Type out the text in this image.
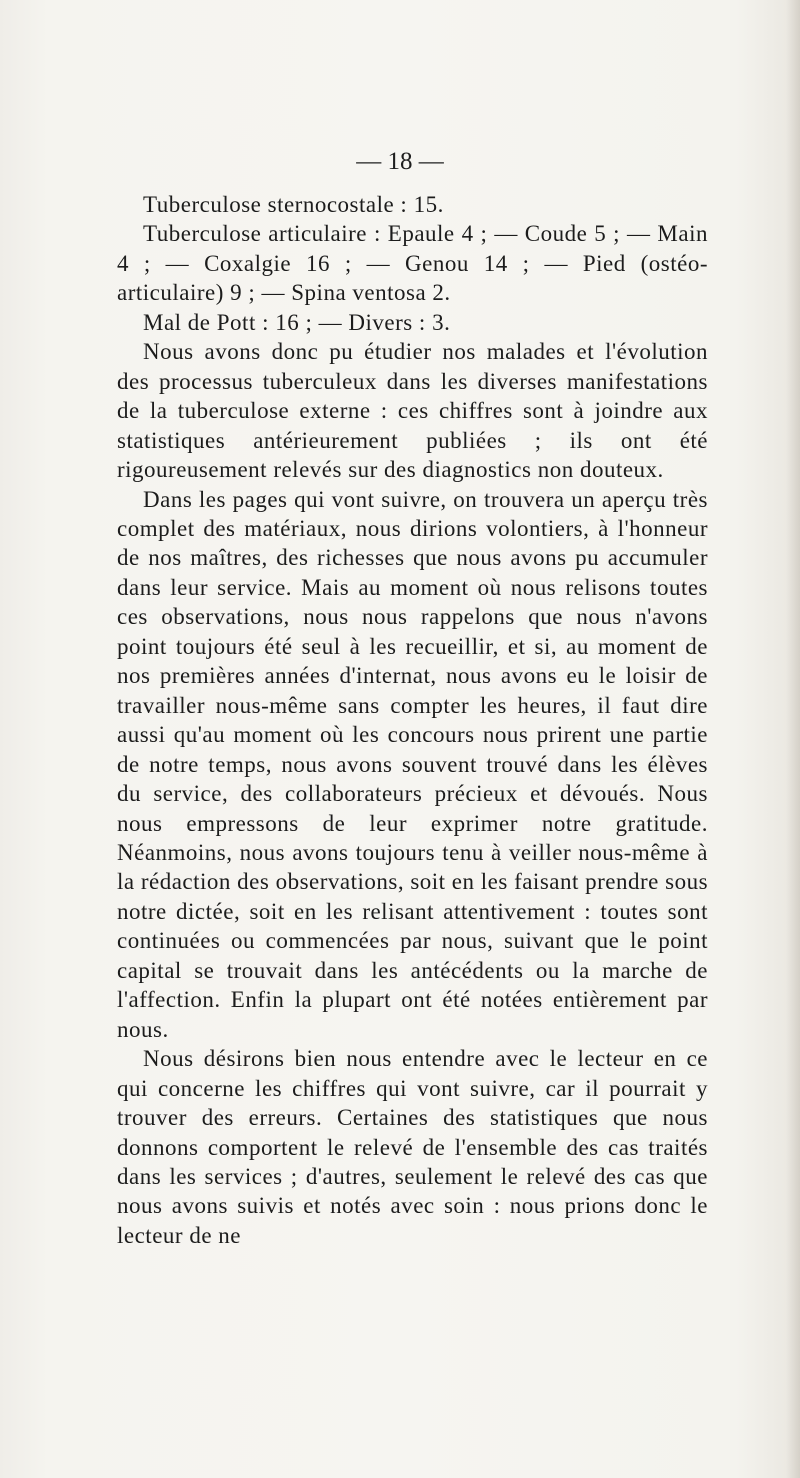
— 18 —

Tuberculose sternocostale : 15.

Tuberculose articulaire : Epaule 4 ; — Coude 5 ; — Main 4 ; — Coxalgie 16 ; — Genou 14 ; — Pied (ostéo-articulaire) 9 ; — Spina ventosa 2.

Mal de Pott : 16 ; — Divers : 3.

Nous avons donc pu étudier nos malades et l'évolution des processus tuberculeux dans les diverses manifestations de la tuberculose externe : ces chiffres sont à joindre aux statistiques antérieurement publiées ; ils ont été rigoureusement relevés sur des diagnostics non douteux.

Dans les pages qui vont suivre, on trouvera un aperçu très complet des matériaux, nous dirions volontiers, à l'honneur de nos maîtres, des richesses que nous avons pu accumuler dans leur service. Mais au moment où nous relisons toutes ces observations, nous nous rappelons que nous n'avons point toujours été seul à les recueillir, et si, au moment de nos premières années d'internat, nous avons eu le loisir de travailler nous-même sans compter les heures, il faut dire aussi qu'au moment où les concours nous prirent une partie de notre temps, nous avons souvent trouvé dans les élèves du service, des collaborateurs précieux et dévoués. Nous nous empressons de leur exprimer notre gratitude. Néanmoins, nous avons toujours tenu à veiller nous-même à la rédaction des observations, soit en les faisant prendre sous notre dictée, soit en les relisant attentivement : toutes sont continuées ou commencées par nous, suivant que le point capital se trouvait dans les antécédents ou la marche de l'affection. Enfin la plupart ont été notées entièrement par nous.

Nous désirons bien nous entendre avec le lecteur en ce qui concerne les chiffres qui vont suivre, car il pourrait y trouver des erreurs. Certaines des statistiques que nous donnons comportent le relevé de l'ensemble des cas traités dans les services ; d'autres, seulement le relevé des cas que nous avons suivis et notés avec soin : nous prions donc le lecteur de ne
